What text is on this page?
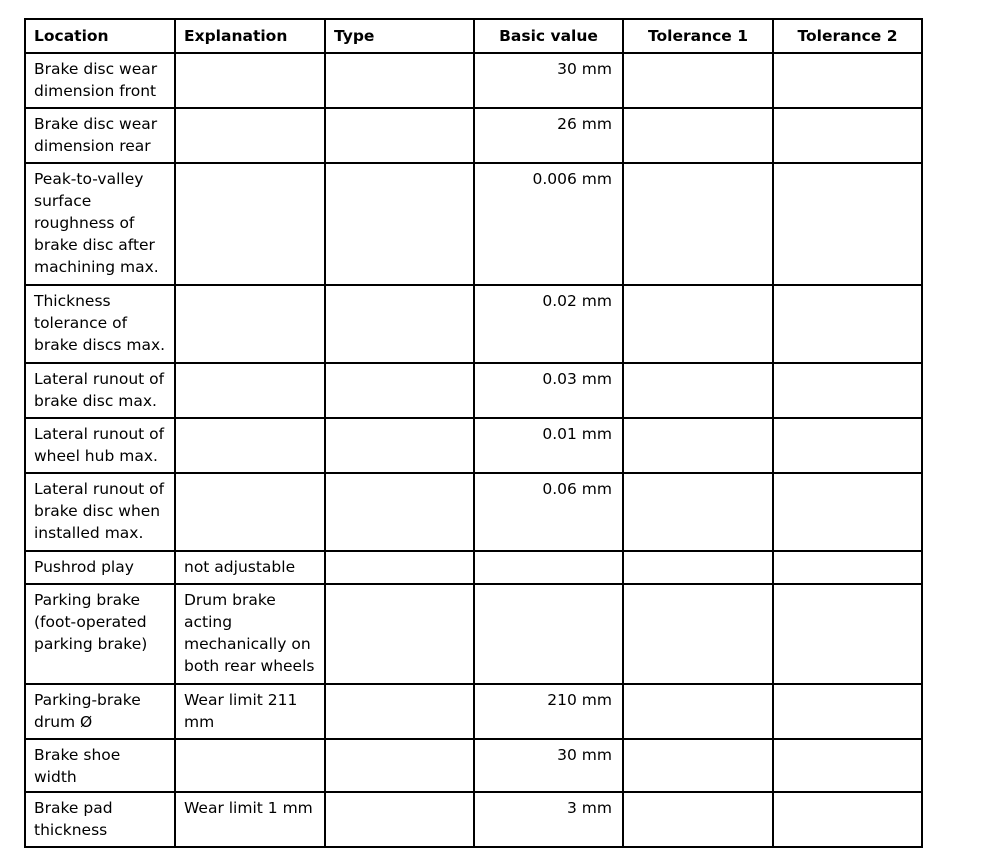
Location	Explanation	Type	Basic value	Tolerance 1	Tolerance 2
Brake disc wear dimension front			30 mm		
Brake disc wear dimension rear			26 mm		
Peak-to-valley surface roughness of brake disc after machining max.			0.006 mm		
Thickness tolerance of brake discs max.			0.02 mm		
Lateral runout of brake disc max.			0.03 mm		
Lateral runout of wheel hub max.			0.01 mm		
Lateral runout of brake disc when installed max.			0.06 mm		
Pushrod play	not adjustable				
Parking brake (foot-operated parking brake)	Drum brake acting mechanically on both rear wheels				
Parking-brake drum Ø	Wear limit 211 mm		210 mm		
Brake shoe width			30 mm		
Brake pad thickness	Wear limit 1 mm		3 mm		
